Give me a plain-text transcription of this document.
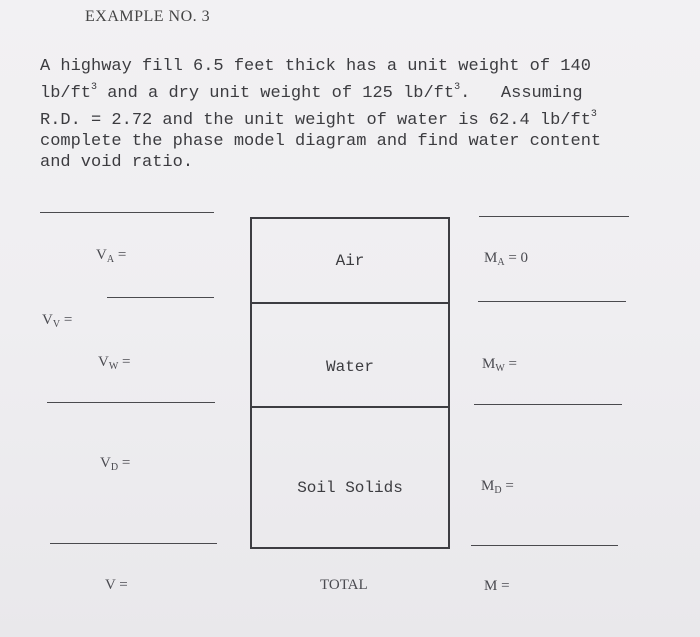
EXAMPLE NO. 3
A highway fill 6.5 feet thick has a unit weight of 140
$lb/ft^3$ and a dry unit weight of 125 $lb/ft^3$.   Assuming
R.D. = 2.72 and the unit weight of water is 62.4 $lb/ft^3$
complete the phase model diagram and find water content
and void ratio.
$V_A$ =
$V_V$ =
$V_W$ =
$V_D$ =
V =
Air
Water
Soil Solids
TOTAL
$M_A = 0$
$M_W$ =
$M_D$ =
M =
